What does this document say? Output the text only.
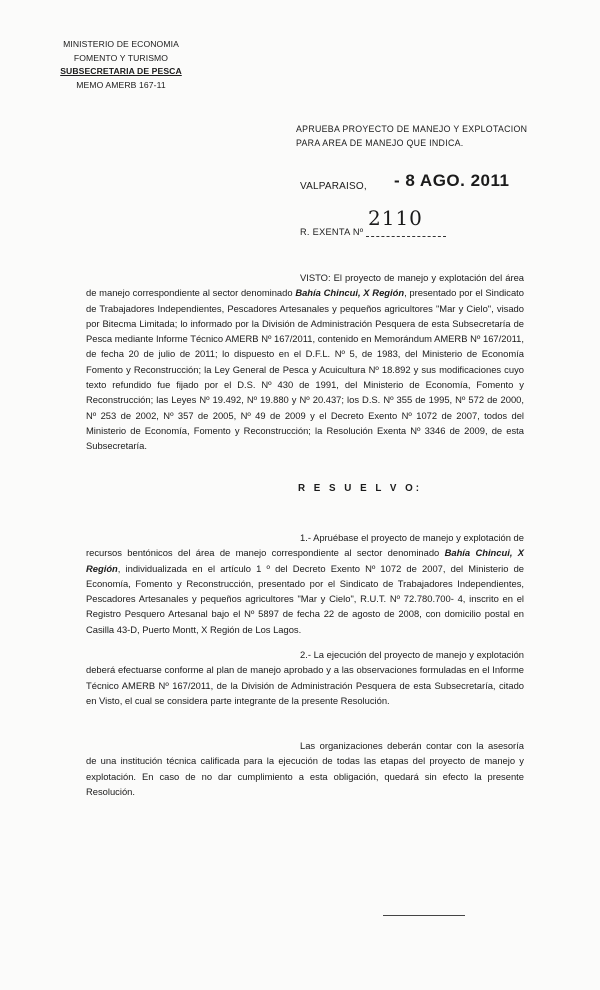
MINISTERIO DE ECONOMIA
FOMENTO Y TURISMO
SUBSECRETARIA DE PESCA
MEMO AMERB 167-11
APRUEBA PROYECTO DE MANEJO Y EXPLOTACION PARA AREA DE MANEJO QUE INDICA.
VALPARAISO, - 8 AGO. 2011
R. EXENTA Nº
2110

VISTO: El proyecto de manejo y explotación del área de manejo correspondiente al sector denominado Bahía Chincui, X Región, presentado por el Sindicato de Trabajadores Independientes, Pescadores Artesanales y pequeños agricultores "Mar y Cielo", visado por Bitecma Limitada; lo informado por la División de Administración Pesquera de esta Subsecretaría de Pesca mediante Informe Técnico AMERB Nº 167/2011, contenido en Memorándum AMERB Nº 167/2011, de fecha 20 de julio de 2011; lo dispuesto en el D.F.L. Nº 5, de 1983, del Ministerio de Economía Fomento y Reconstrucción; la Ley General de Pesca y Acuicultura Nº 18.892 y sus modificaciones cuyo texto refundido fue fijado por el D.S. Nº 430 de 1991, del Ministerio de Economía, Fomento y Reconstrucción; las Leyes Nº 19.492, Nº 19.880 y Nº 20.437; los D.S. Nº 355 de 1995, Nº 572 de 2000, Nº 253 de 2002, Nº 357 de 2005, Nº 49 de 2009 y el Decreto Exento Nº 1072 de 2007, todos del Ministerio de Economía, Fomento y Reconstrucción; la Resolución Exenta Nº 3346 de 2009, de esta Subsecretaría.

R E S U E L V O:

1.- Apruébase el proyecto de manejo y explotación de recursos bentónicos del área de manejo correspondiente al sector denominado Bahía Chincui, X Región, individualizada en el artículo 1 º del Decreto Exento Nº 1072 de 2007, del Ministerio de Economía, Fomento y Reconstrucción, presentado por el Sindicato de Trabajadores Independientes, Pescadores Artesanales y pequeños agricultores "Mar y Cielo", R.U.T. Nº 72.780.700- 4, inscrito en el Registro Pesquero Artesanal bajo el Nº 5897 de fecha 22 de agosto de 2008, con domicilio postal en Casilla 43-D, Puerto Montt, X Región de Los Lagos.

2.- La ejecución del proyecto de manejo y explotación deberá efectuarse conforme al plan de manejo aprobado y a las observaciones formuladas en el Informe Técnico AMERB Nº 167/2011, de la División de Administración Pesquera de esta Subsecretaría, citado en Visto, el cual se considera parte integrante de la presente Resolución.

Las organizaciones deberán contar con la asesoría de una institución técnica calificada para la ejecución de todas las etapas del proyecto de manejo y explotación. En caso de no dar cumplimiento a esta obligación, quedará sin efecto la presente Resolución.
